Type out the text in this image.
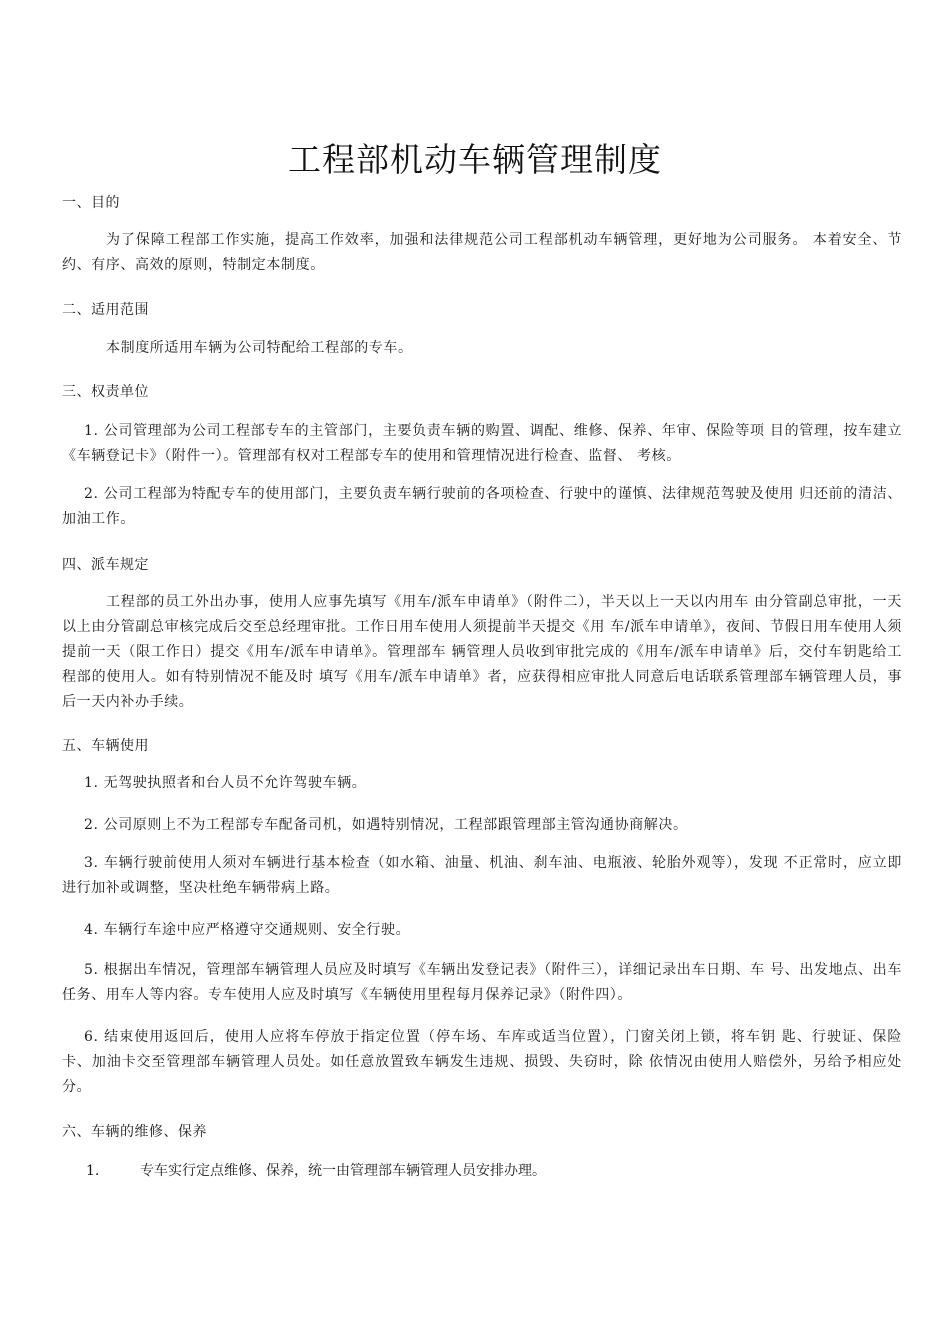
工程部机动车辆管理制度
一、目的
为了保障工程部工作实施，提高工作效率，加强和法律规范公司工程部机动车辆管理，更好地为公司服务。 本着安全、节约、有序、高效的原则，特制定本制度。
二、适用范围
本制度所适用车辆为公司特配给工程部的专车。
三、权责单位
1. 公司管理部为公司工程部专车的主管部门，主要负责车辆的购置、调配、维修、保养、年审、保险等项 目的管理，按车建立《车辆登记卡》（附件一）。管理部有权对工程部专车的使用和管理情况进行检查、监督、 考核。
2. 公司工程部为特配专车的使用部门，主要负责车辆行驶前的各项检查、行驶中的谨慎、法律规范驾驶及使用 归还前的清洁、加油工作。
四、派车规定
工程部的员工外出办事，使用人应事先填写《用车/派车申请单》（附件二），半天以上一天以内用车 由分管副总审批，一天以上由分管副总审核完成后交至总经理审批。工作日用车使用人须提前半天提交《用 车/派车申请单》，夜间、节假日用车使用人须提前一天（限工作日）提交《用车/派车申请单》。管理部车 辆管理人员收到审批完成的《用车/派车申请单》后，交付车钥匙给工程部的使用人。如有特别情况不能及时 填写《用车/派车申请单》者，应获得相应审批人同意后电话联系管理部车辆管理人员，事后一天内补办手续。
五、车辆使用
1. 无驾驶执照者和台人员不允许驾驶车辆。
2. 公司原则上不为工程部专车配备司机，如遇特别情况，工程部跟管理部主管沟通协商解决。
3. 车辆行驶前使用人须对车辆进行基本检查（如水箱、油量、机油、刹车油、电瓶液、轮胎外观等），发现 不正常时，应立即进行加补或调整，坚决杜绝车辆带病上路。
4. 车辆行车途中应严格遵守交通规则、安全行驶。
5. 根据出车情况，管理部车辆管理人员应及时填写《车辆出发登记表》（附件三），详细记录出车日期、车 号、出发地点、出车任务、用车人等内容。专车使用人应及时填写《车辆使用里程每月保养记录》（附件四）。
6. 结束使用返回后，使用人应将车停放于指定位置（停车场、车库或适当位置），门窗关闭上锁，将车钥 匙、行驶证、保险卡、加油卡交至管理部车辆管理人员处。如任意放置致车辆发生违规、损毁、失窃时，除 依情况由使用人赔偿外，另给予相应处分。
六、车辆的维修、保养
1.	专车实行定点维修、保养，统一由管理部车辆管理人员安排办理。
